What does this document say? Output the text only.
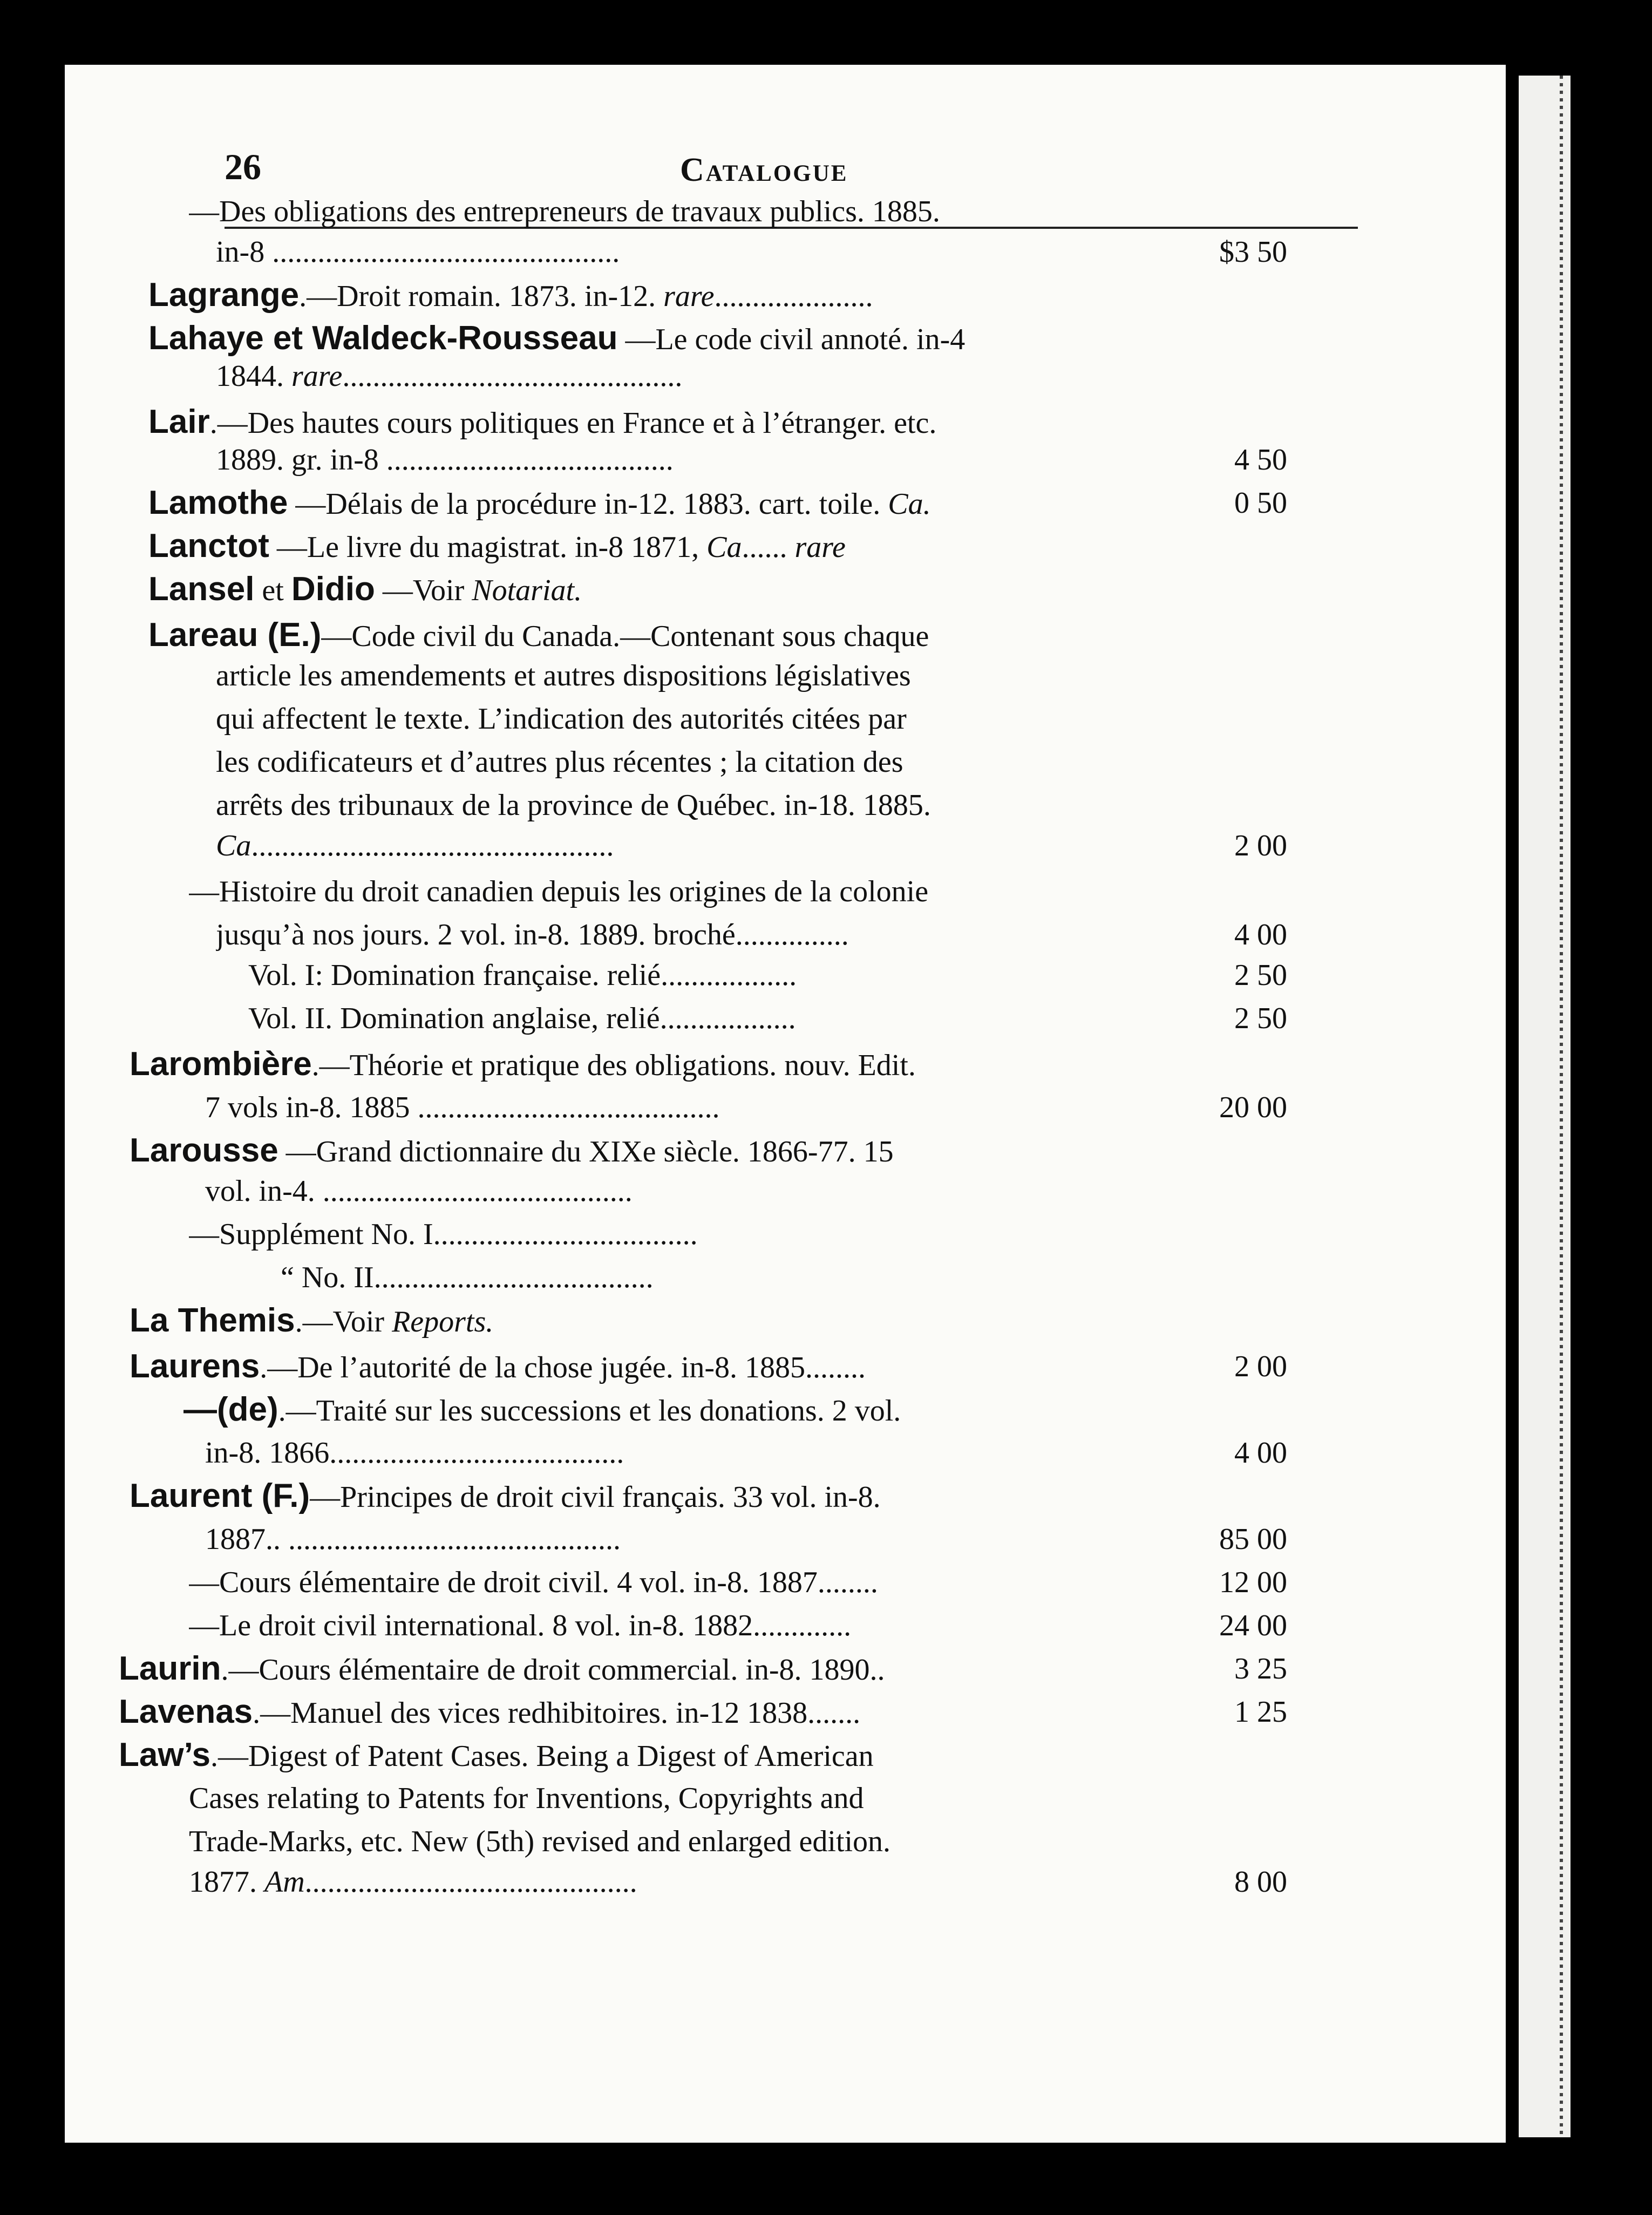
26	Catalogue
—Des obligations des entrepreneurs de travaux publics. 1885.
in-8 ..............................................	$3 50
Lagrange.—Droit romain. 1873. in-12. rare.....................
Lahaye et Waldeck-Rousseau —Le code civil annoté. in-4
1844. rare.............................................
Lair.—Des hautes cours politiques en France et à l’étranger. etc.
1889. gr. in-8 ......................................	4 50
Lamothe —Délais de la procédure in-12. 1883. cart. toile. Ca.	0 50
Lanctot —Le livre du magistrat. in-8 1871, Ca...... rare
Lansel et Didio —Voir Notariat.
Lareau (E.)—Code civil du Canada.—Contenant sous chaque
article les amendements et autres dispositions législatives
qui affectent le texte. L’indication des autorités citées par
les codificateurs et d’autres plus récentes ; la citation des
arrêts des tribunaux de la province de Québec. in-18. 1885.
Ca................................................	2 00
—Histoire du droit canadien depuis les origines de la colonie
jusqu’à nos jours. 2 vol. in-8. 1889. broché...............	4 00
Vol. I: Domination française. relié..................	2 50
Vol. II. Domination anglaise, relié..................	2 50
Larombière.—Théorie et pratique des obligations. nouv. Edit.
7 vols in-8. 1885 ........................................	20 00
Larousse —Grand dictionnaire du XIXe siècle. 1866-77. 15
vol. in-4. .........................................
—Supplément No. I...................................
“ No. II.....................................
La Themis.—Voir Reports.
Laurens.—De l’autorité de la chose jugée. in-8. 1885........	2 00
—(de).—Traité sur les successions et les donations. 2 vol.
in-8. 1866.......................................	4 00
Laurent (F.)—Principes de droit civil français. 33 vol. in-8.
1887.. ............................................	85 00
—Cours élémentaire de droit civil. 4 vol. in-8. 1887........	12 00
—Le droit civil international. 8 vol. in-8. 1882.............	24 00
Laurin.—Cours élémentaire de droit commercial. in-8. 1890..	3 25
Lavenas.—Manuel des vices redhibitoires. in-12 1838.......	1 25
Law’s.—Digest of Patent Cases. Being a Digest of American
Cases relating to Patents for Inventions, Copyrights and
Trade-Marks, etc. New (5th) revised and enlarged edition.
1877. Am............................................	8 00
